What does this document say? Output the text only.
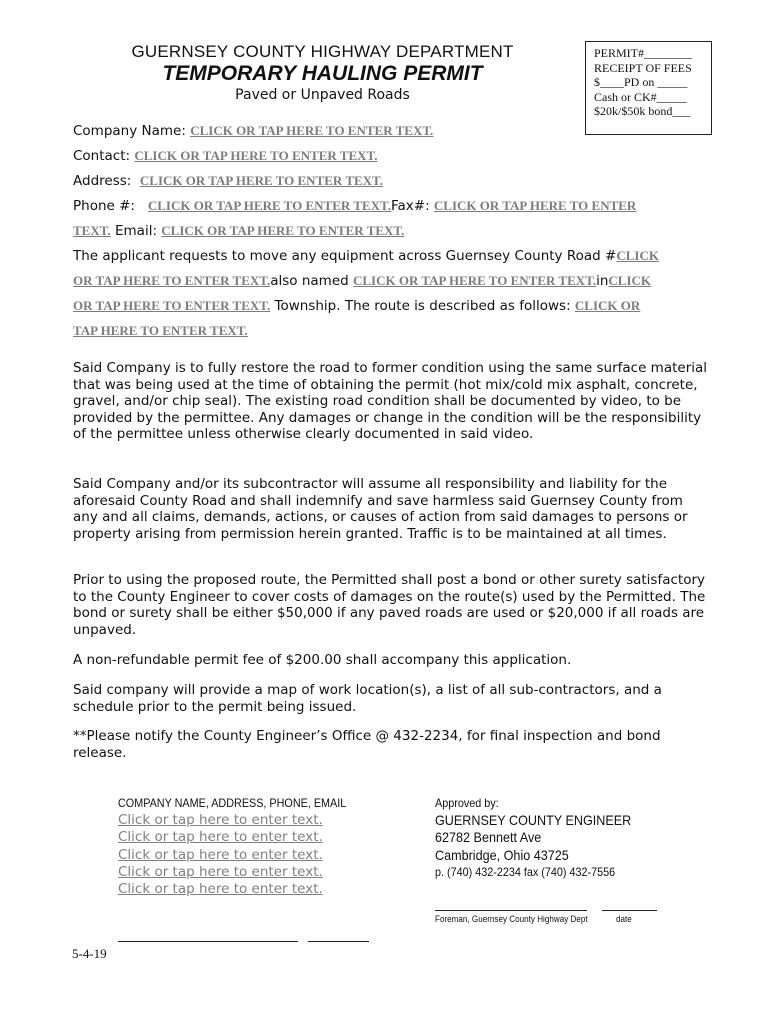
GUERNSEY COUNTY HIGHWAY DEPARTMENT
TEMPORARY HAULING PERMIT
Paved or Unpaved Roads
PERMIT#________
RECEIPT OF FEES
$____PD on _____
Cash or CK#_____
$20k/$50k bond___
Company Name: CLICK OR TAP HERE TO ENTER TEXT.
Contact: CLICK OR TAP HERE TO ENTER TEXT.
Address: CLICK OR TAP HERE TO ENTER TEXT.
Phone #: CLICK OR TAP HERE TO ENTER TEXT.Fax#: CLICK OR TAP HERE TO ENTER
TEXT. Email: CLICK OR TAP HERE TO ENTER TEXT.
The applicant requests to move any equipment across Guernsey County Road #CLICK
OR TAP HERE TO ENTER TEXT.also named CLICK OR TAP HERE TO ENTER TEXT.inCLICK
OR TAP HERE TO ENTER TEXT. Township. The route is described as follows: CLICK OR
TAP HERE TO ENTER TEXT.
Said Company is to fully restore the road to former condition using the same surface material that was being used at the time of obtaining the permit (hot mix/cold mix asphalt, concrete, gravel, and/or chip seal). The existing road condition shall be documented by video, to be provided by the permittee. Any damages or change in the condition will be the responsibility of the permittee unless otherwise clearly documented in said video.
Said Company and/or its subcontractor will assume all responsibility and liability for the aforesaid County Road and shall indemnify and save harmless said Guernsey County from any and all claims, demands, actions, or causes of action from said damages to persons or property arising from permission herein granted. Traffic is to be maintained at all times.
Prior to using the proposed route, the Permitted shall post a bond or other surety satisfactory to the County Engineer to cover costs of damages on the route(s) used by the Permitted. The bond or surety shall be either $50,000 if any paved roads are used or $20,000 if all roads are unpaved.
A non-refundable permit fee of $200.00 shall accompany this application.
Said company will provide a map of work location(s), a list of all sub-contractors, and a schedule prior to the permit being issued.
**Please notify the County Engineer’s Office @ 432-2234, for final inspection and bond release.
COMPANY NAME, ADDRESS, PHONE, EMAIL
Click or tap here to enter text.
Click or tap here to enter text.
Click or tap here to enter text.
Click or tap here to enter text.
Click or tap here to enter text.
Approved by:
GUERNSEY COUNTY ENGINEER
62782 Bennett Ave
Cambridge, Ohio 43725
p. (740) 432-2234 fax (740) 432-7556
Foreman, Guernsey County Highway Dept	date
5-4-19
